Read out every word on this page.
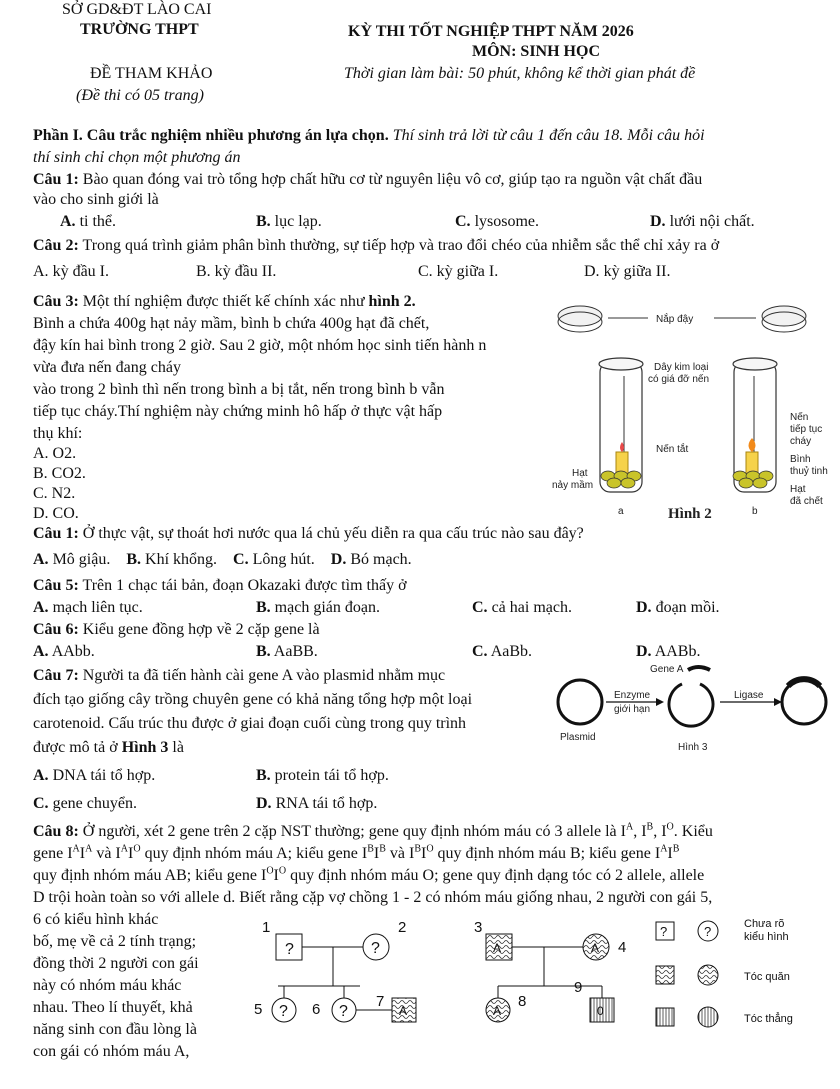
SỞ GD&ĐT LÀO CAI
TRƯỜNG THPT	KỲ THI TỐT NGHIỆP THPT NĂM 2026
MÔN: SINH HỌC
ĐỀ THAM KHẢO	Thời gian làm bài: 50 phút, không kể thời gian phát đề
(Đề thi có 05 trang)
Phần I. Câu trắc nghiệm nhiều phương án lựa chọn. Thí sinh trả lời từ câu 1 đến câu 18. Mỗi câu hỏi
thí sinh chỉ chọn một phương án
Câu 1: Bào quan đóng vai trò tổng hợp chất hữu cơ từ nguyên liệu vô cơ, giúp tạo ra nguồn vật chất đầu
vào cho sinh giới là
A. ti thể.	B. lục lạp.	C. lysosome.	D. lưới nội chất.
Câu 2: Trong quá trình giảm phân bình thường, sự tiếp hợp và trao đổi chéo của nhiễm sắc thể chỉ xảy ra ở
A. kỳ đầu I.	B. kỳ đầu II.	C. kỳ giữa I.	D. kỳ giữa II.
Câu 3: Một thí nghiệm được thiết kế chính xác như hình 2.
Bình a chứa 400g hạt nảy mầm, bình b chứa 400g hạt đã chết,
đậy kín hai bình trong 2 giờ. Sau 2 giờ, một nhóm học sinh tiến hành n
vừa đưa nến đang cháy
vào trong 2 bình thì nến trong bình a bị tắt, nến trong bình b vẫn
tiếp tục cháy.Thí nghiệm này chứng minh hô hấp ở thực vật hấp
thụ khí:
A. O2.
B. CO2.
C. N2.
D. CO.
Nắp đậy
Dây kim loại
có giá đỡ nến
Nến tắt
Hạt
nảy mầm
Nến
tiếp tục
cháy
Bình
thuỷ tinh
Hạt
đã chết
a	b
Hình 2
Câu 1: Ở thực vật, sự thoát hơi nước qua lá chủ yếu diễn ra qua cấu trúc nào sau đây?
A. Mô giậu. B. Khí khổng. C. Lông hút. D. Bó mạch.
Câu 5: Trên 1 chạc tái bản, đoạn Okazaki được tìm thấy ở
A. mạch liên tục.	B. mạch gián đoạn.	C. cả hai mạch.	D. đoạn mồi.
Câu 6: Kiểu gene đồng hợp về 2 cặp gene là
A. AAbb.	B. AaBB.	C. AaBb.	D. AABb.
Câu 7: Người ta đã tiến hành cài gene A vào plasmid nhằm mục
đích tạo giống cây trồng chuyên gene có khả năng tổng hợp một loại
carotenoid. Cấu trúc thu được ở giai đoạn cuối cùng trong quy trình
được mô tả ở Hình 3 là
A. DNA tái tổ hợp.	B. protein tái tổ hợp.
C. gene chuyển.	D. RNA tái tổ hợp.
Gene A
Enzyme
giới hạn
Ligase
Plasmid
Hình 3
Câu 8: Ở người, xét 2 gene trên 2 cặp NST thường; gene quy định nhóm máu có 3 allele là $I^A$, $I^B$, $I^O$. Kiểu
gene $I^AI^A$ và $I^AI^O$ quy định nhóm máu A; kiểu gene $I^BI^B$ và $I^BI^O$ quy định nhóm máu B; kiểu gene $I^AI^B$
quy định nhóm máu AB; kiểu gene $I^OI^O$ quy định nhóm máu O; gene quy định dạng tóc có 2 allele, allele
D trội hoàn toàn so với allele d. Biết rằng cặp vợ chồng 1 - 2 có nhóm máu giống nhau, 2 người con gái 5,
6 có kiểu hình khác
bố, mẹ về cả 2 tính trạng;
đồng thời 2 người con gái
này có nhóm máu khác
nhau. Theo lí thuyết, khả
năng sinh con đầu lòng là
con gái có nhóm máu A,
?
1
?
2
?
5	?
6	A
7
A
3
A 4
A
8
0
9
?	?	Chưa rõ
kiểu hình
Tóc quăn
Tóc thẳng
